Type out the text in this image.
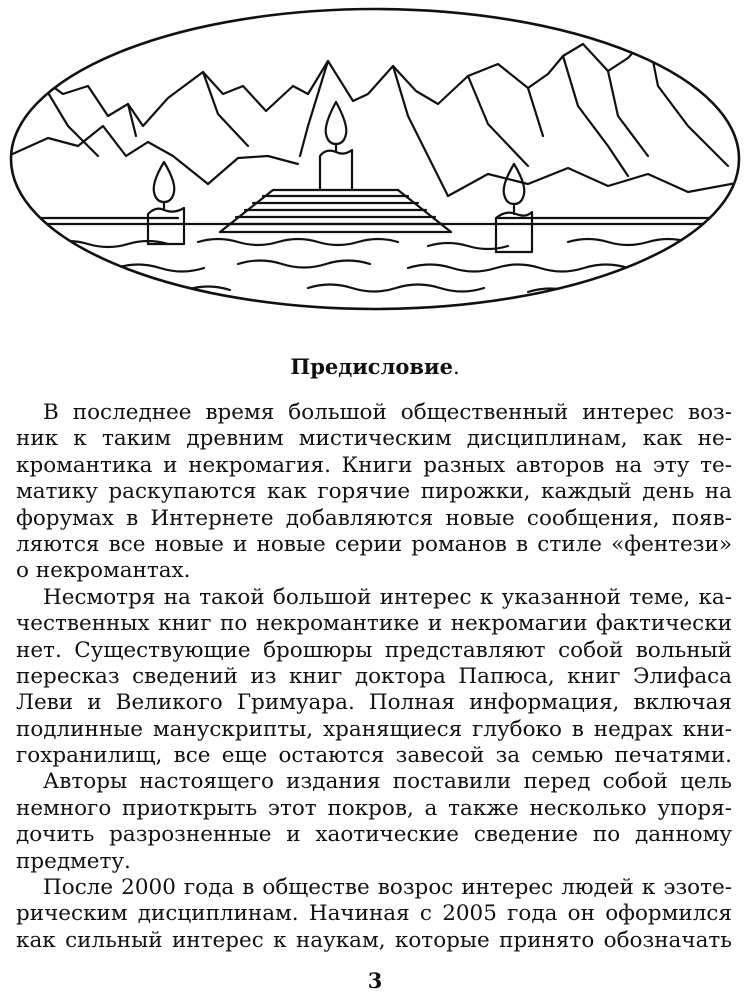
Предисловие.
В последнее время большой общественный интерес воз-
ник к таким древним мистическим дисциплинам, как не-
кромантика и некромагия. Книги разных авторов на эту те-
матику раскупаются как горячие пирожки, каждый день на
форумах в Интернете добавляются новые сообщения, появ-
ляются все новые и новые серии романов в стиле «фентези»
о некромантах.
Несмотря на такой большой интерес к указанной теме, ка-
чественных книг по некромантике и некромагии фактически
нет. Существующие брошюры представляют собой вольный
пересказ сведений из книг доктора Папюса, книг Элифаса
Леви и Великого Гримуара. Полная информация, включая
подлинные манускрипты, хранящиеся глубоко в недрах кни-
гохранилищ, все еще остаются завесой за семью печатями.
Авторы настоящего издания поставили перед собой цель
немного приоткрыть этот покров, а также несколько упоря-
дочить разрозненные и хаотические сведение по данному
предмету.
После 2000 года в обществе возрос интерес людей к эзоте-
рическим дисциплинам. Начиная с 2005 года он оформился
как сильный интерес к наукам, которые принято обозначать
3
